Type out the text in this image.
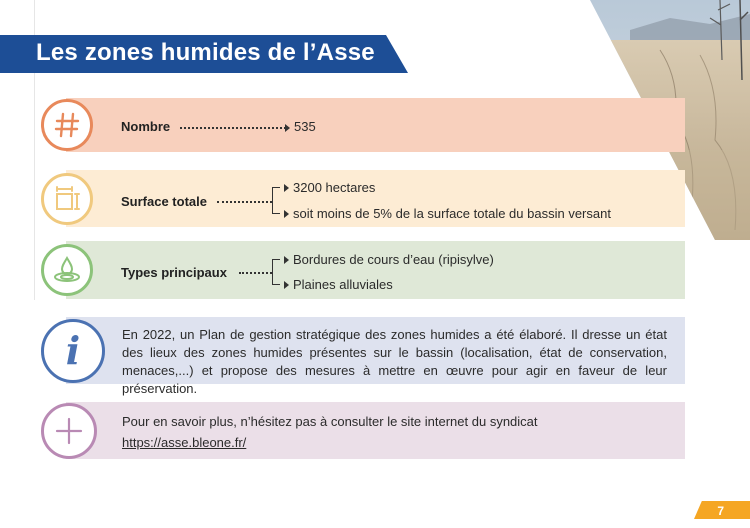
Les zones humides de l’Asse
Nombre	535
Surface totale
3200 hectares
soit moins de 5% de la surface totale du bassin versant
Types principaux
Bordures de cours d’eau (ripisylve)
Plaines alluviales
i	En 2022, un Plan de gestion stratégique des zones humides a été élaboré. Il dresse un état des lieux des zones humides présentes sur le bassin (localisation, état de conservation, menaces,...) et propose des mesures à mettre en œuvre pour agir en faveur de leur préservation.
Pour en savoir plus, n’hésitez pas à consulter le site internet du syndicat
https://asse.bleone.fr/
7
